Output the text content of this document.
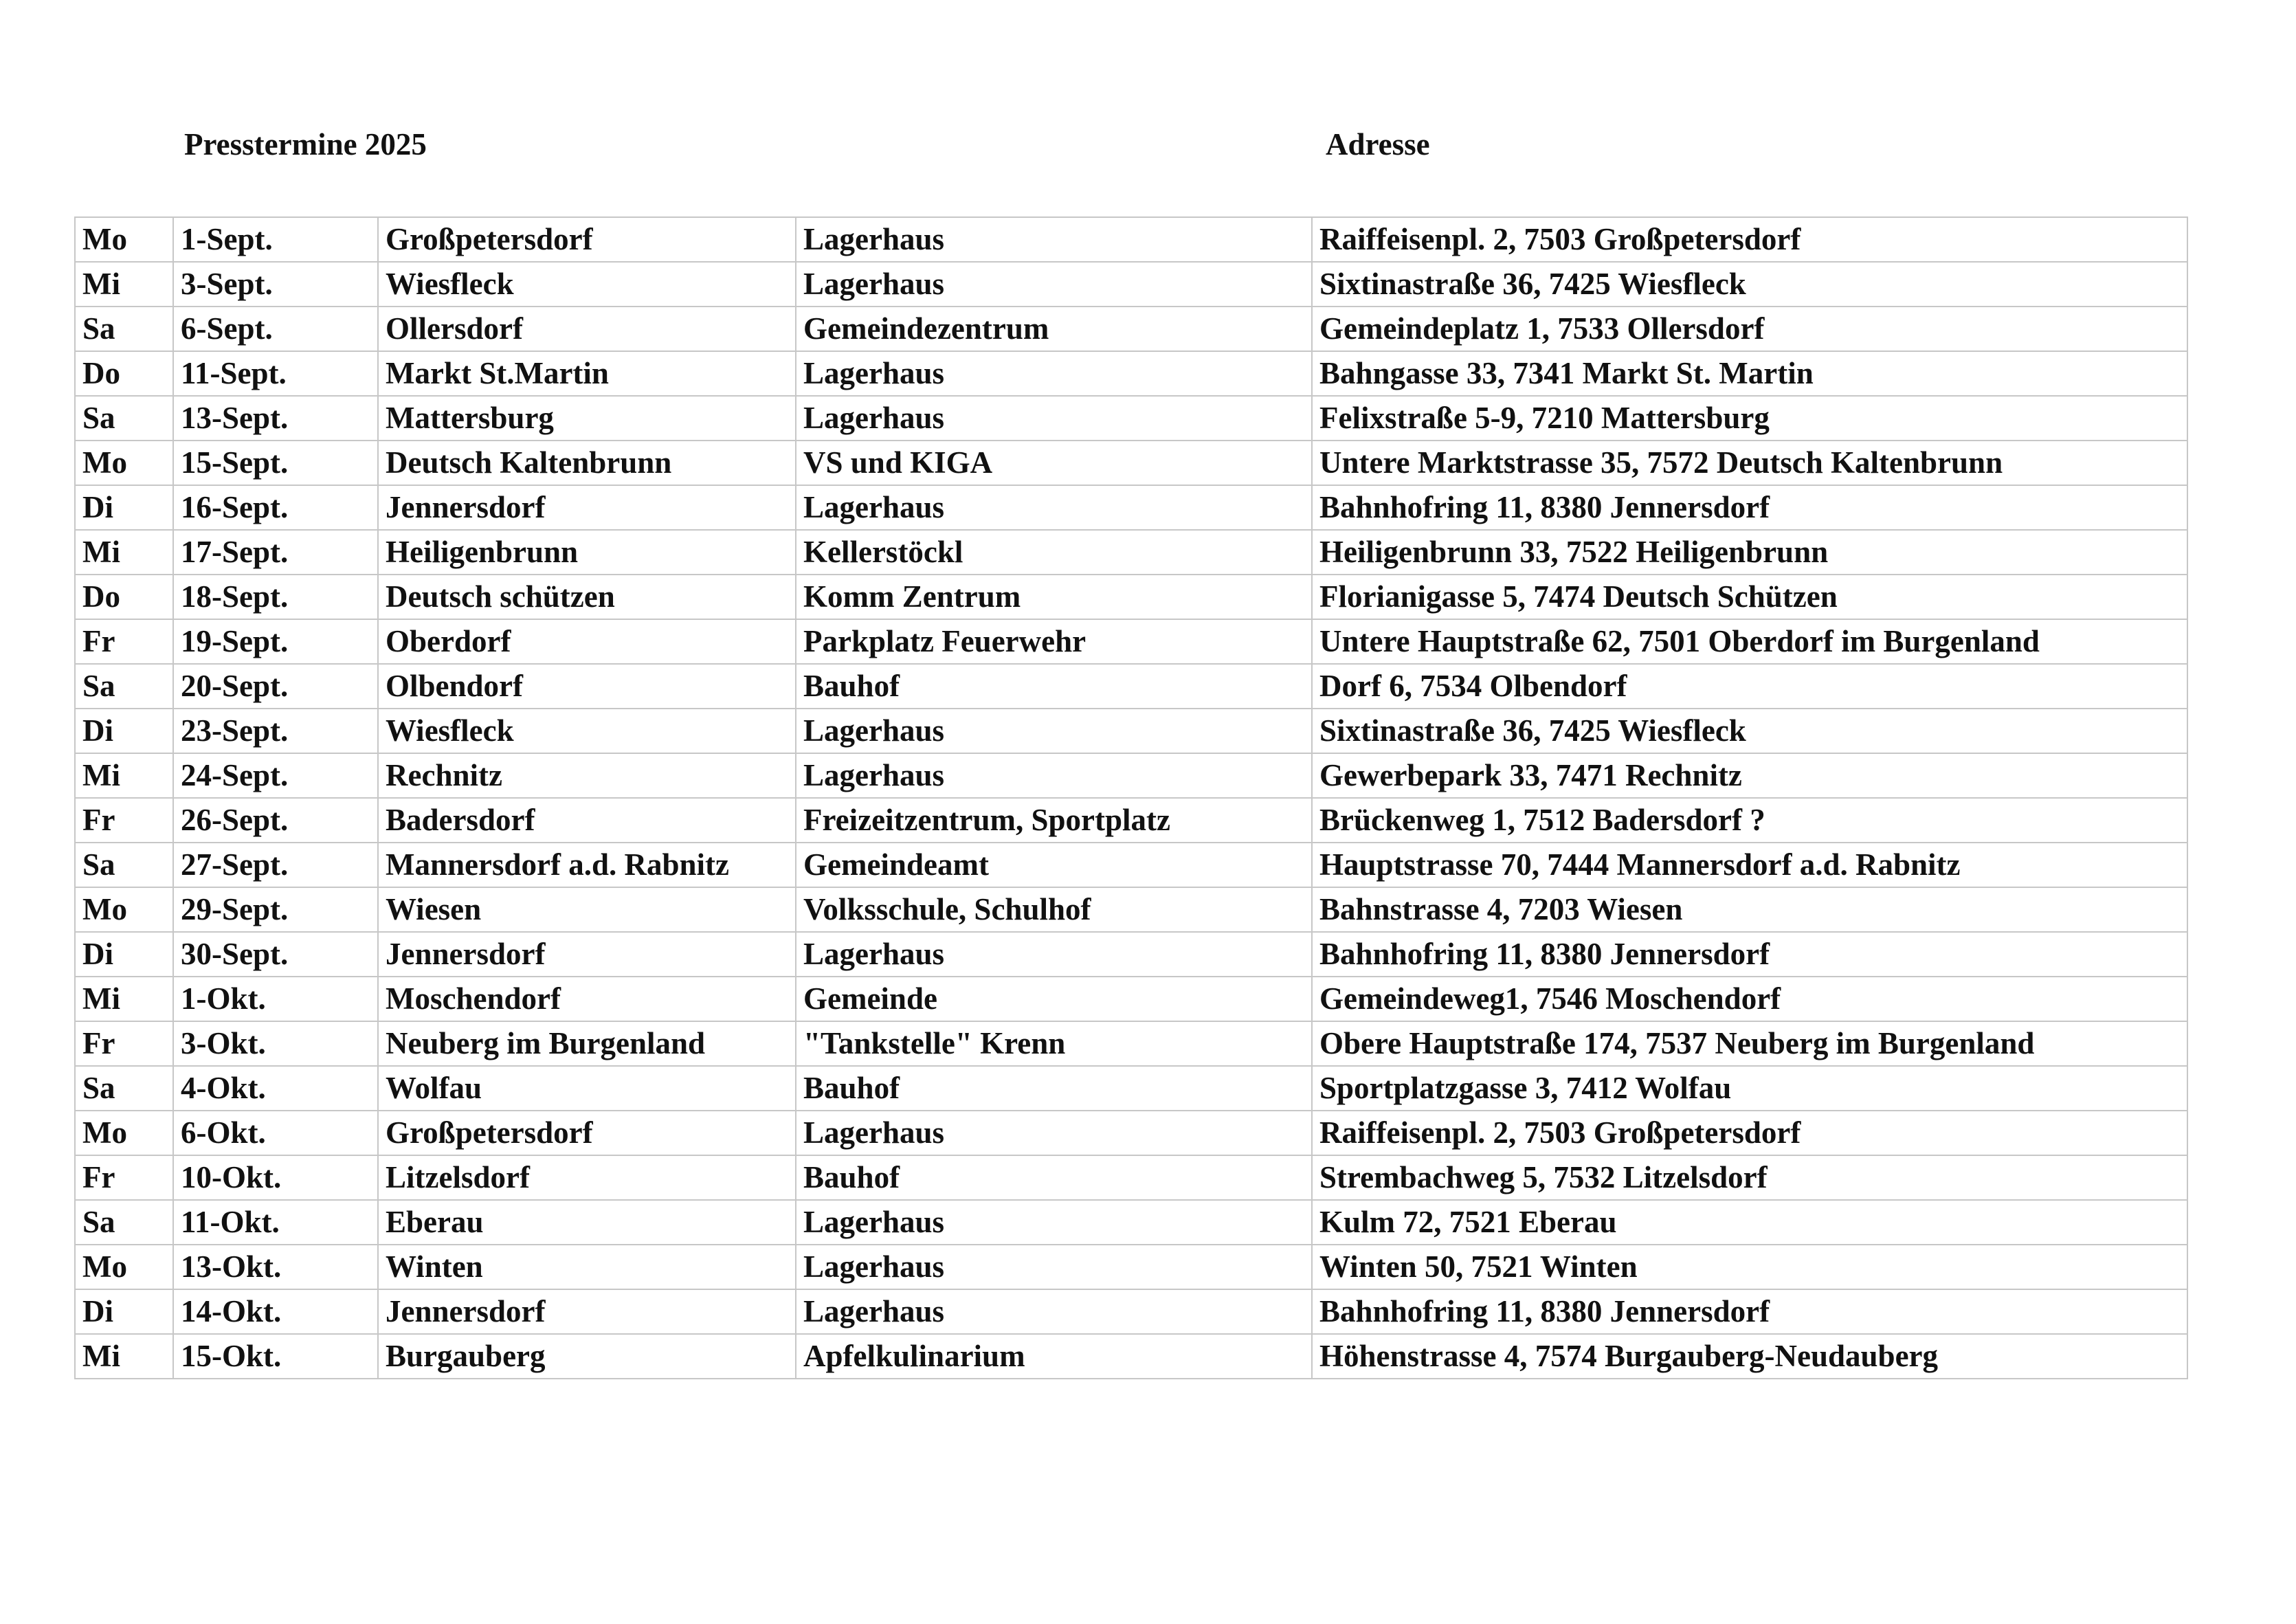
Presstermine 2025	Adresse
Mo	1-Sept.	Großpetersdorf	Lagerhaus	Raiffeisenpl. 2, 7503 Großpetersdorf
Mi	3-Sept.	Wiesfleck	Lagerhaus	Sixtinastraße 36, 7425 Wiesfleck
Sa	6-Sept.	Ollersdorf	Gemeindezentrum	Gemeindeplatz 1, 7533 Ollersdorf
Do	11-Sept.	Markt St.Martin	Lagerhaus	Bahngasse 33, 7341 Markt St. Martin
Sa	13-Sept.	Mattersburg	Lagerhaus	Felixstraße 5-9, 7210 Mattersburg
Mo	15-Sept.	Deutsch Kaltenbrunn	VS und KIGA	Untere Marktstrasse 35, 7572 Deutsch Kaltenbrunn
Di	16-Sept.	Jennersdorf	Lagerhaus	Bahnhofring 11, 8380 Jennersdorf
Mi	17-Sept.	Heiligenbrunn	Kellerstöckl	Heiligenbrunn 33, 7522 Heiligenbrunn
Do	18-Sept.	Deutsch schützen	Komm Zentrum	Florianigasse 5, 7474 Deutsch Schützen
Fr	19-Sept.	Oberdorf	Parkplatz Feuerwehr	Untere Hauptstraße 62, 7501 Oberdorf im Burgenland
Sa	20-Sept.	Olbendorf	Bauhof	Dorf 6, 7534 Olbendorf
Di	23-Sept.	Wiesfleck	Lagerhaus	Sixtinastraße 36, 7425 Wiesfleck
Mi	24-Sept.	Rechnitz	Lagerhaus	Gewerbepark 33, 7471 Rechnitz
Fr	26-Sept.	Badersdorf	Freizeitzentrum, Sportplatz	Brückenweg 1, 7512 Badersdorf ?
Sa	27-Sept.	Mannersdorf a.d. Rabnitz	Gemeindeamt	Hauptstrasse 70, 7444 Mannersdorf a.d. Rabnitz
Mo	29-Sept.	Wiesen	Volksschule, Schulhof	Bahnstrasse 4, 7203 Wiesen
Di	30-Sept.	Jennersdorf	Lagerhaus	Bahnhofring 11, 8380 Jennersdorf
Mi	1-Okt.	Moschendorf	Gemeinde	Gemeindeweg1, 7546 Moschendorf
Fr	3-Okt.	Neuberg im Burgenland	"Tankstelle" Krenn	Obere Hauptstraße 174, 7537 Neuberg im Burgenland
Sa	4-Okt.	Wolfau	Bauhof	Sportplatzgasse 3, 7412 Wolfau
Mo	6-Okt.	Großpetersdorf	Lagerhaus	Raiffeisenpl. 2, 7503 Großpetersdorf
Fr	10-Okt.	Litzelsdorf	Bauhof	Strembachweg 5, 7532 Litzelsdorf
Sa	11-Okt.	Eberau	Lagerhaus	Kulm 72, 7521 Eberau
Mo	13-Okt.	Winten	Lagerhaus	Winten 50, 7521 Winten
Di	14-Okt.	Jennersdorf	Lagerhaus	Bahnhofring 11, 8380 Jennersdorf
Mi	15-Okt.	Burgauberg	Apfelkulinarium	Höhenstrasse 4, 7574 Burgauberg-Neudauberg
